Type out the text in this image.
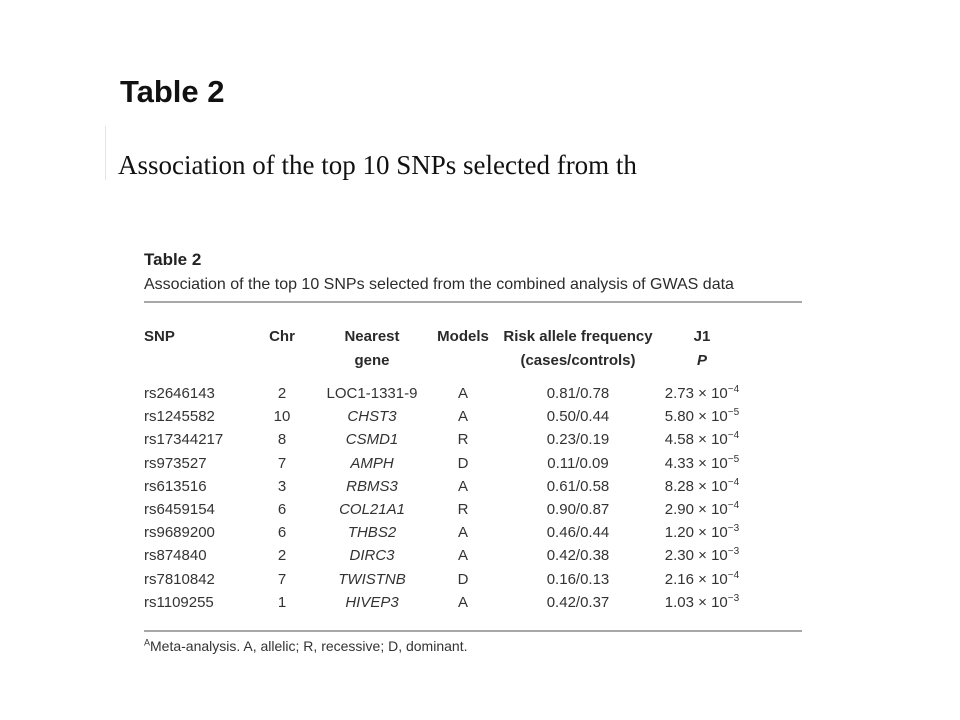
Table 2
Association of the top 10 SNPs selected from th
Table 2
Association of the top 10 SNPs selected from the combined analysis of GWAS data
SNP	Chr	Nearest	Models	Risk allele frequency	J1
		gene		(cases/controls)	P

rs2646143	2	LOC1-1331-9	A	0.81/0.78	$2.73 \times 10^{-4}$
rs1245582	10	CHST3	A	0.50/0.44	$5.80 \times 10^{-5}$
rs17344217	8	CSMD1	R	0.23/0.19	$4.58 \times 10^{-4}$
rs973527	7	AMPH	D	0.11/0.09	$4.33 \times 10^{-5}$
rs613516	3	RBMS3	A	0.61/0.58	$8.28 \times 10^{-4}$
rs6459154	6	COL21A1	R	0.90/0.87	$2.90 \times 10^{-4}$
rs9689200	6	THBS2	A	0.46/0.44	$1.20 \times 10^{-3}$
rs874840	2	DIRC3	A	0.42/0.38	$2.30 \times 10^{-3}$
rs7810842	7	TWISTNB	D	0.16/0.13	$2.16 \times 10^{-4}$
rs1109255	1	HIVEP3	A	0.42/0.37	$1.03 \times 10^{-3}$
$^A$Meta-analysis. A, allelic; R, recessive; D, dominant.
